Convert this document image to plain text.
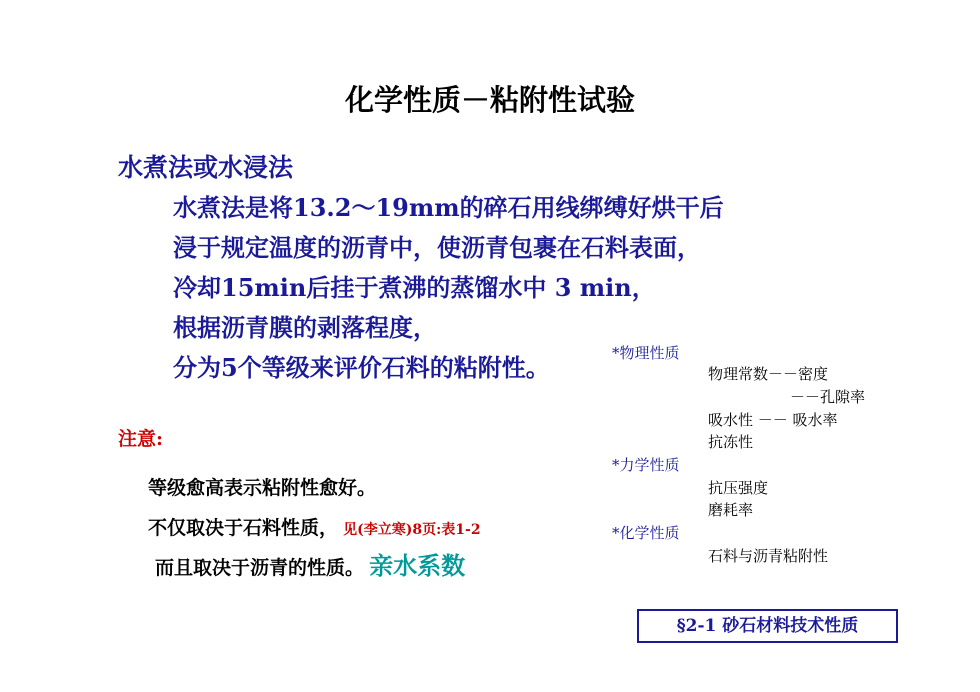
化学性质－粘附性试验
水煮法或水浸法
水煮法是将13.2～19mm的碎石用线绑缚好烘干后
浸于规定温度的沥青中，使沥青包裹在石料表面，
冷却15min后挂于煮沸的蒸馏水中 3 min，
根据沥青膜的剥落程度，
分为5个等级来评价石料的粘附性。
注意:
等级愈高表示粘附性愈好。
不仅取决于石料性质， 见(李立寒)8页:表1-2
而且取决于沥青的性质。 亲水系数
*物理性质
物理常数－－密度
－－孔隙率
吸水性 －－ 吸水率
抗冻性
*力学性质
抗压强度
磨耗率
*化学性质
石料与沥青粘附性
§2-1 砂石材料技术性质
